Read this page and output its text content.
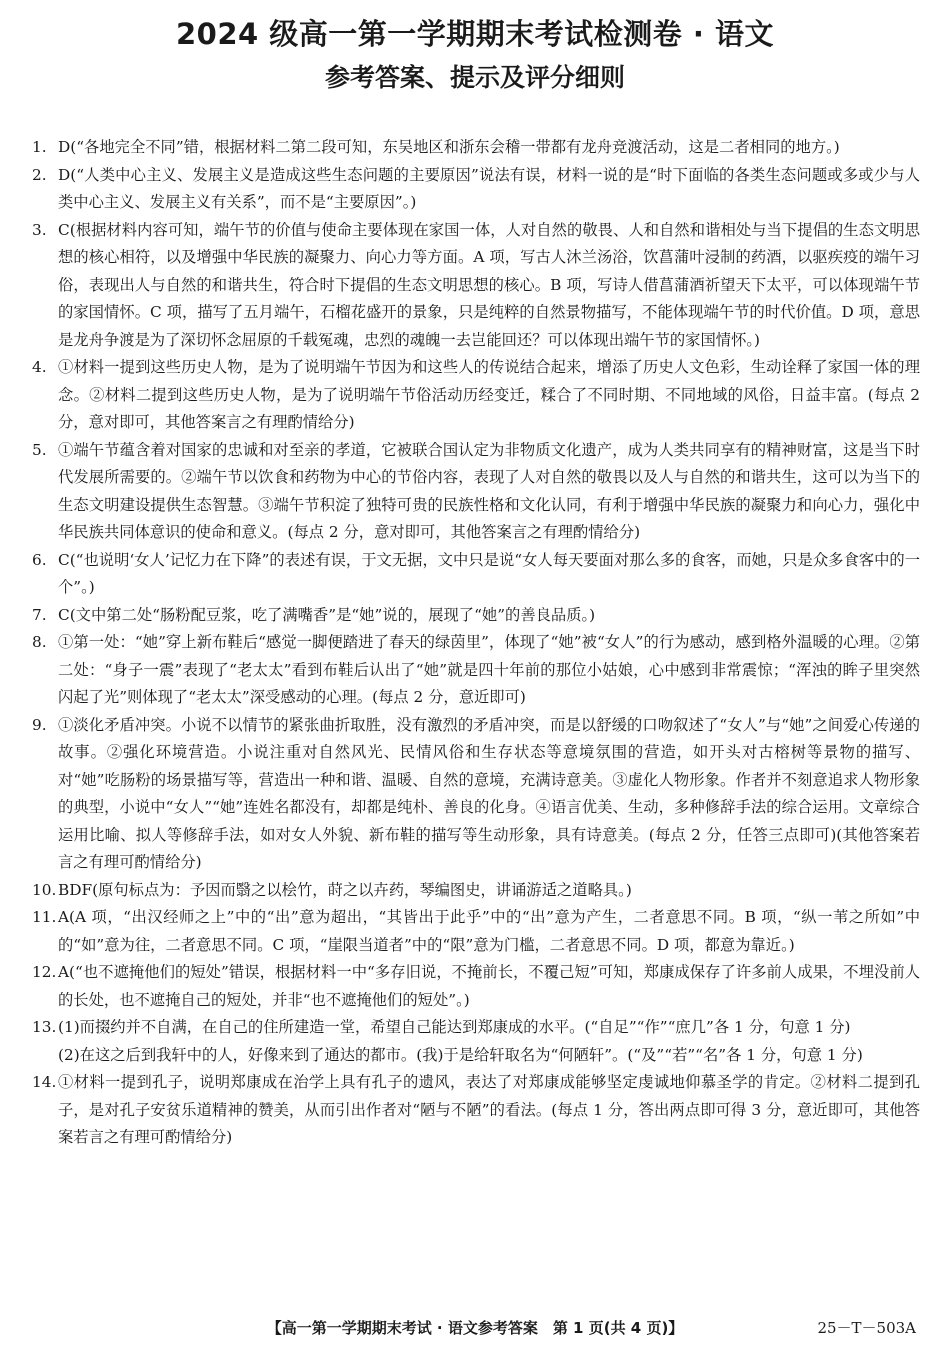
2024 级高一第一学期期末考试检测卷 · 语文
参考答案、提示及评分细则
1. D(“各地完全不同”错，根据材料二第二段可知，东吴地区和浙东会稽一带都有龙舟竞渡活动，这是二者相同的地方。)
2. D(“人类中心主义、发展主义是造成这些生态问题的主要原因”说法有误，材料一说的是“时下面临的各类生态问题或多或少与人类中心主义、发展主义有关系”，而不是“主要原因”。)
3. C(根据材料内容可知，端午节的价值与使命主要体现在家国一体，人对自然的敬畏、人和自然和谐相处与当下提倡的生态文明思想的核心相符，以及增强中华民族的凝聚力、向心力等方面。A 项，写古人沐兰汤浴，饮菖蒲叶浸制的药酒，以驱疾疫的端午习俗，表现出人与自然的和谐共生，符合时下提倡的生态文明思想的核心。B 项，写诗人借菖蒲酒祈望天下太平，可以体现端午节的家国情怀。C 项，描写了五月端午，石榴花盛开的景象，只是纯粹的自然景物描写，不能体现端午节的时代价值。D 项，意思是龙舟争渡是为了深切怀念屈原的千载冤魂，忠烈的魂魄一去岂能回还？可以体现出端午节的家国情怀。)
4. ①材料一提到这些历史人物，是为了说明端午节因为和这些人的传说结合起来，增添了历史人文色彩，生动诠释了家国一体的理念。②材料二提到这些历史人物，是为了说明端午节俗活动历经变迁，糅合了不同时期、不同地域的风俗，日益丰富。(每点 2 分，意对即可，其他答案言之有理酌情给分)
5. ①端午节蕴含着对国家的忠诚和对至亲的孝道，它被联合国认定为非物质文化遗产，成为人类共同享有的精神财富，这是当下时代发展所需要的。②端午节以饮食和药物为中心的节俗内容，表现了人对自然的敬畏以及人与自然的和谐共生，这可以为当下的生态文明建设提供生态智慧。③端午节积淀了独特可贵的民族性格和文化认同，有利于增强中华民族的凝聚力和向心力，强化中华民族共同体意识的使命和意义。(每点 2 分，意对即可，其他答案言之有理酌情给分)
6. C(“也说明‘女人’记忆力在下降”的表述有误，于文无据，文中只是说“女人每天要面对那么多的食客，而她，只是众多食客中的一个”。)
7. C(文中第二处“肠粉配豆浆，吃了满嘴香”是“她”说的，展现了“她”的善良品质。)
8. ①第一处：“她”穿上新布鞋后“感觉一脚便踏进了春天的绿茵里”，体现了“她”被“女人”的行为感动，感到格外温暖的心理。②第二处：“身子一震”表现了“老太太”看到布鞋后认出了“她”就是四十年前的那位小姑娘，心中感到非常震惊；“浑浊的眸子里突然闪起了光”则体现了“老太太”深受感动的心理。(每点 2 分，意近即可)
9. ①淡化矛盾冲突。小说不以情节的紧张曲折取胜，没有激烈的矛盾冲突，而是以舒缓的口吻叙述了“女人”与“她”之间爱心传递的故事。②强化环境营造。小说注重对自然风光、民情风俗和生存状态等意境氛围的营造，如开头对古榕树等景物的描写、对“她”吃肠粉的场景描写等，营造出一种和谐、温暖、自然的意境，充满诗意美。③虚化人物形象。作者并不刻意追求人物形象的典型，小说中“女人”“她”连姓名都没有，却都是纯朴、善良的化身。④语言优美、生动，多种修辞手法的综合运用。文章综合运用比喻、拟人等修辞手法，如对女人外貌、新布鞋的描写等生动形象，具有诗意美。(每点 2 分，任答三点即可)(其他答案若言之有理可酌情给分)
10. BDF(原句标点为：予因而翳之以桧竹，莳之以卉药，琴编图史，讲诵游适之道略具。)
11. A(A 项，“出汉经师之上”中的“出”意为超出，“其皆出于此乎”中的“出”意为产生，二者意思不同。B 项，“纵一苇之所如”中的“如”意为往，二者意思不同。C 项，“崖限当道者”中的“限”意为门槛，二者意思不同。D 项，都意为靠近。)
12. A(“也不遮掩他们的短处”错误，根据材料一中“多存旧说，不掩前长，不覆己短”可知，郑康成保存了许多前人成果，不埋没前人的长处，也不遮掩自己的短处，并非“也不遮掩他们的短处”。)
13. (1)而掇约并不自满，在自己的住所建造一堂，希望自己能达到郑康成的水平。(“自足”“作”“庶几”各 1 分，句意 1 分)
(2)在这之后到我轩中的人，好像来到了通达的都市。(我)于是给轩取名为“何陋轩”。(“及”“若”“名”各 1 分，句意 1 分)
14. ①材料一提到孔子，说明郑康成在治学上具有孔子的遗风，表达了对郑康成能够坚定虔诚地仰慕圣学的肯定。②材料二提到孔子，是对孔子安贫乐道精神的赞美，从而引出作者对“陋与不陋”的看法。(每点 1 分，答出两点即可得 3 分，意近即可，其他答案若言之有理可酌情给分)
【高一第一学期期末考试 · 语文参考答案　第 1 页(共 4 页)】	25－T－503A
